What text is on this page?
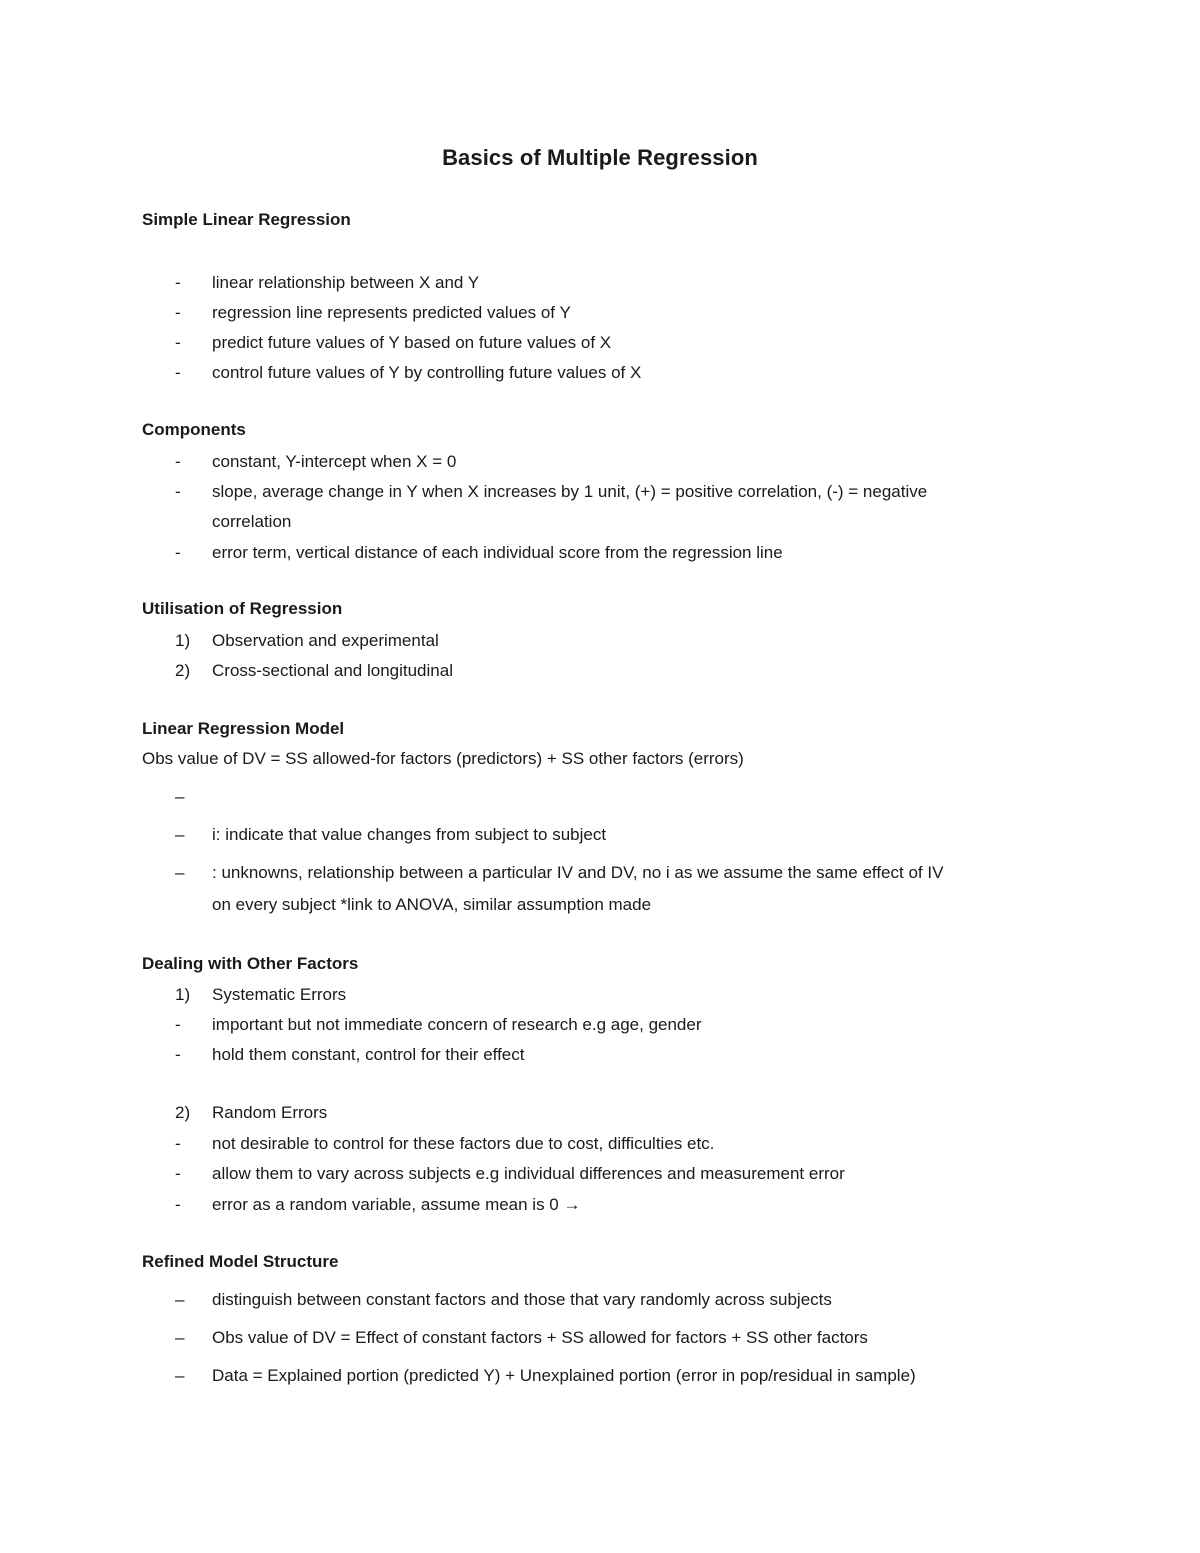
Basics of Multiple Regression
Simple Linear Regression
-	linear relationship between X and Y
-	regression line represents predicted values of Y
-	predict future values of Y based on future values of X
-	control future values of Y by controlling future values of X
Components
-	constant, Y-intercept when X = 0
-	slope, average change in Y when X increases by 1 unit, (+) = positive correlation, (-) = negative
correlation
-	error term, vertical distance of each individual score from the regression line
Utilisation of Regression
1)	Observation and experimental
2)	Cross-sectional and longitudinal
Linear Regression Model
Obs value of DV = SS allowed-for factors (predictors) + SS other factors (errors)
–
–	i: indicate that value changes from subject to subject
–	: unknowns, relationship between a particular IV and DV, no i as we assume the same effect of IV
on every subject *link to ANOVA, similar assumption made
Dealing with Other Factors
1)	Systematic Errors
-	important but not immediate concern of research e.g age, gender
-	hold them constant, control for their effect
2)	Random Errors
-	not desirable to control for these factors due to cost, difficulties etc.
-	allow them to vary across subjects e.g individual differences and measurement error
-	error as a random variable, assume mean is 0 →
Refined Model Structure
–	distinguish between constant factors and those that vary randomly across subjects
–	Obs value of DV = Effect of constant factors + SS allowed for factors + SS other factors
–	Data = Explained portion (predicted Y) + Unexplained portion (error in pop/residual in sample)
